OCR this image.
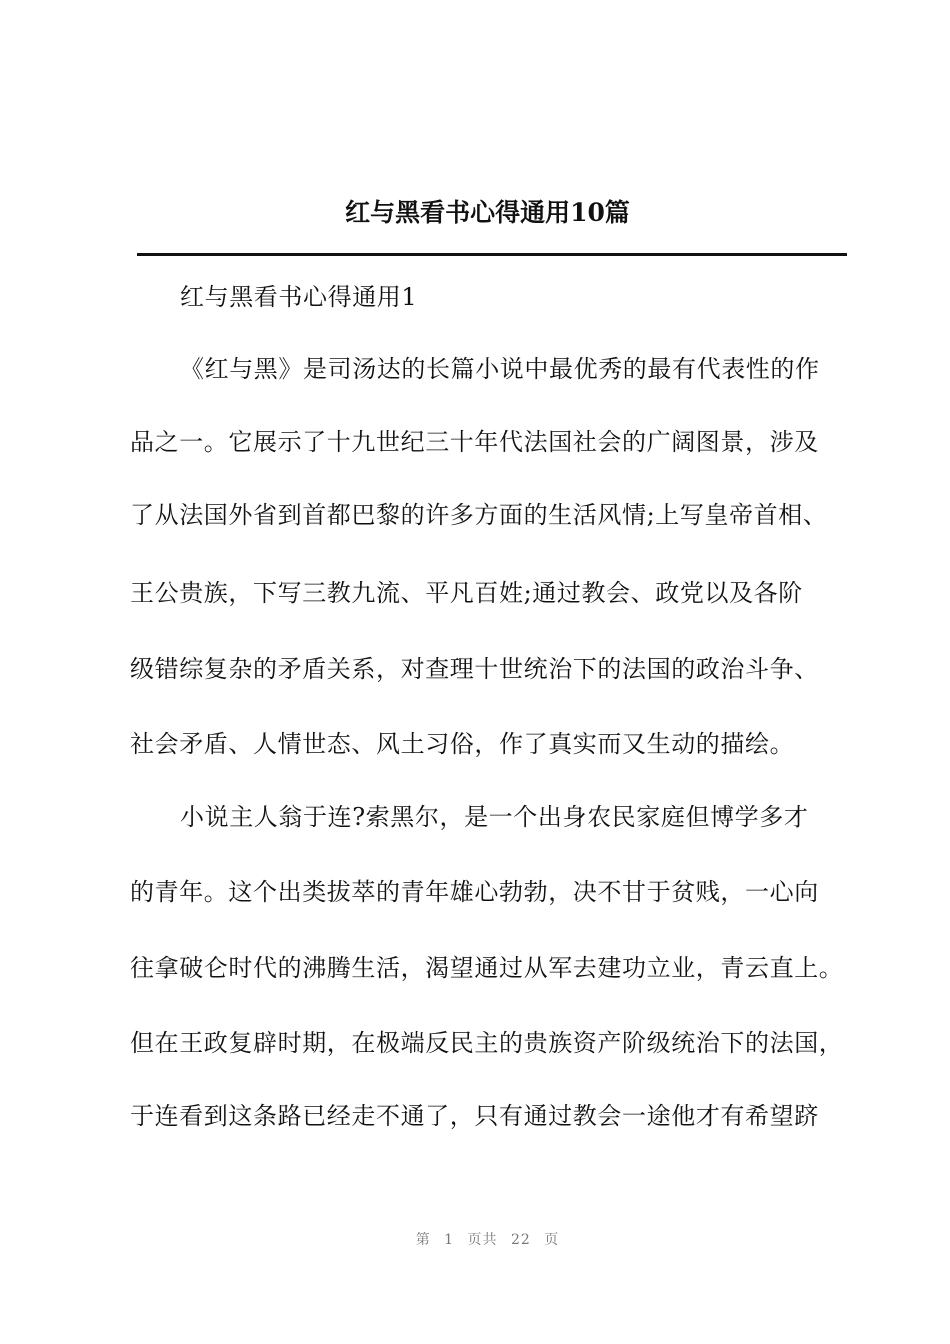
红与黑看书心得通用10篇
红与黑看书心得通用1
《红与黑》是司汤达的长篇小说中最优秀的最有代表性的作
品之一。它展示了十九世纪三十年代法国社会的广阔图景，涉及
了从法国外省到首都巴黎的许多方面的生活风情;上写皇帝首相、
王公贵族，下写三教九流、平凡百姓;通过教会、政党以及各阶
级错综复杂的矛盾关系，对查理十世统治下的法国的政治斗争、
社会矛盾、人情世态、风土习俗，作了真实而又生动的描绘。
小说主人翁于连?索黑尔，是一个出身农民家庭但博学多才
的青年。这个出类拔萃的青年雄心勃勃，决不甘于贫贱，一心向
往拿破仑时代的沸腾生活，渴望通过从军去建功立业，青云直上。
但在王政复辟时期，在极端反民主的贵族资产阶级统治下的法国，
于连看到这条路已经走不通了，只有通过教会一途他才有希望跻
第 1 页共 22 页
